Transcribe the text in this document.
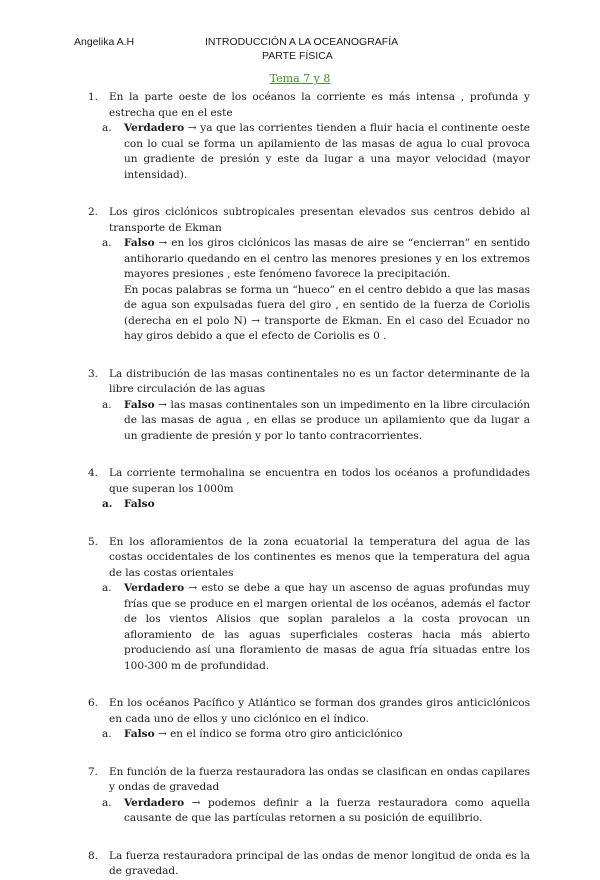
Angelika A.H	INTRODUCCIÓN A LA OCEANOGRAFÍA
PARTE FÍSICA
Tema 7 y 8
1. En la parte oeste de los océanos la corriente es más intensa , profunda y estrecha que en el este
a. Verdadero → ya que las corrientes tienden a fluir hacia el continente oeste con lo cual se forma un apilamiento de las masas de agua lo cual provoca un gradiente de presión y este da lugar a una mayor velocidad (mayor intensidad).
2. Los giros ciclónicos subtropicales presentan elevados sus centros debido al transporte de Ekman
a. Falso → en los giros ciclónicos las masas de aire se “encierran” en sentido antihorario quedando en el centro las menores presiones y en los extremos mayores presiones , este fenómeno favorece la precipitación.
En pocas palabras se forma un “hueco” en el centro debido a que las masas de agua son expulsadas fuera del giro , en sentido de la fuerza de Coriolis (derecha en el polo N) → transporte de Ekman. En el caso del Ecuador no hay giros debido a que el efecto de Coriolis es 0 .
3. La distribución de las masas continentales no es un factor determinante de la libre circulación de las aguas
a. Falso → las masas continentales son un impedimento en la libre circulación de las masas de agua , en ellas se produce un apilamiento que da lugar a un gradiente de presión y por lo tanto contracorrientes.
4. La corriente termohalina se encuentra en todos los océanos a profundidades que superan los 1000m
a. Falso
5. En los afloramientos de la zona ecuatorial la temperatura del agua de las costas occidentales de los continentes es menos que la temperatura del agua de las costas orientales
a. Verdadero → esto se debe a que hay un ascenso de aguas profundas muy frías que se produce en el margen oriental de los océanos, además el factor de los vientos Alisios que soplan paralelos a la costa provocan un afloramiento de las aguas superficiales costeras hacia más abierto produciendo así una floramiento de masas de agua fría situadas entre los 100-300 m de profundidad.
6. En los océanos Pacífico y Atlántico se forman dos grandes giros anticiclónicos en cada uno de ellos y uno ciclónico en el índico.
a. Falso → en el índico se forma otro giro anticiclónico
7. En función de la fuerza restauradora las ondas se clasifican en ondas capilares y ondas de gravedad
a. Verdadero → podemos definir a la fuerza restauradora como aquella causante de que las partículas retornen a su posición de equilibrio.
8. La fuerza restauradora principal de las ondas de menor longitud de onda es la de gravedad.
